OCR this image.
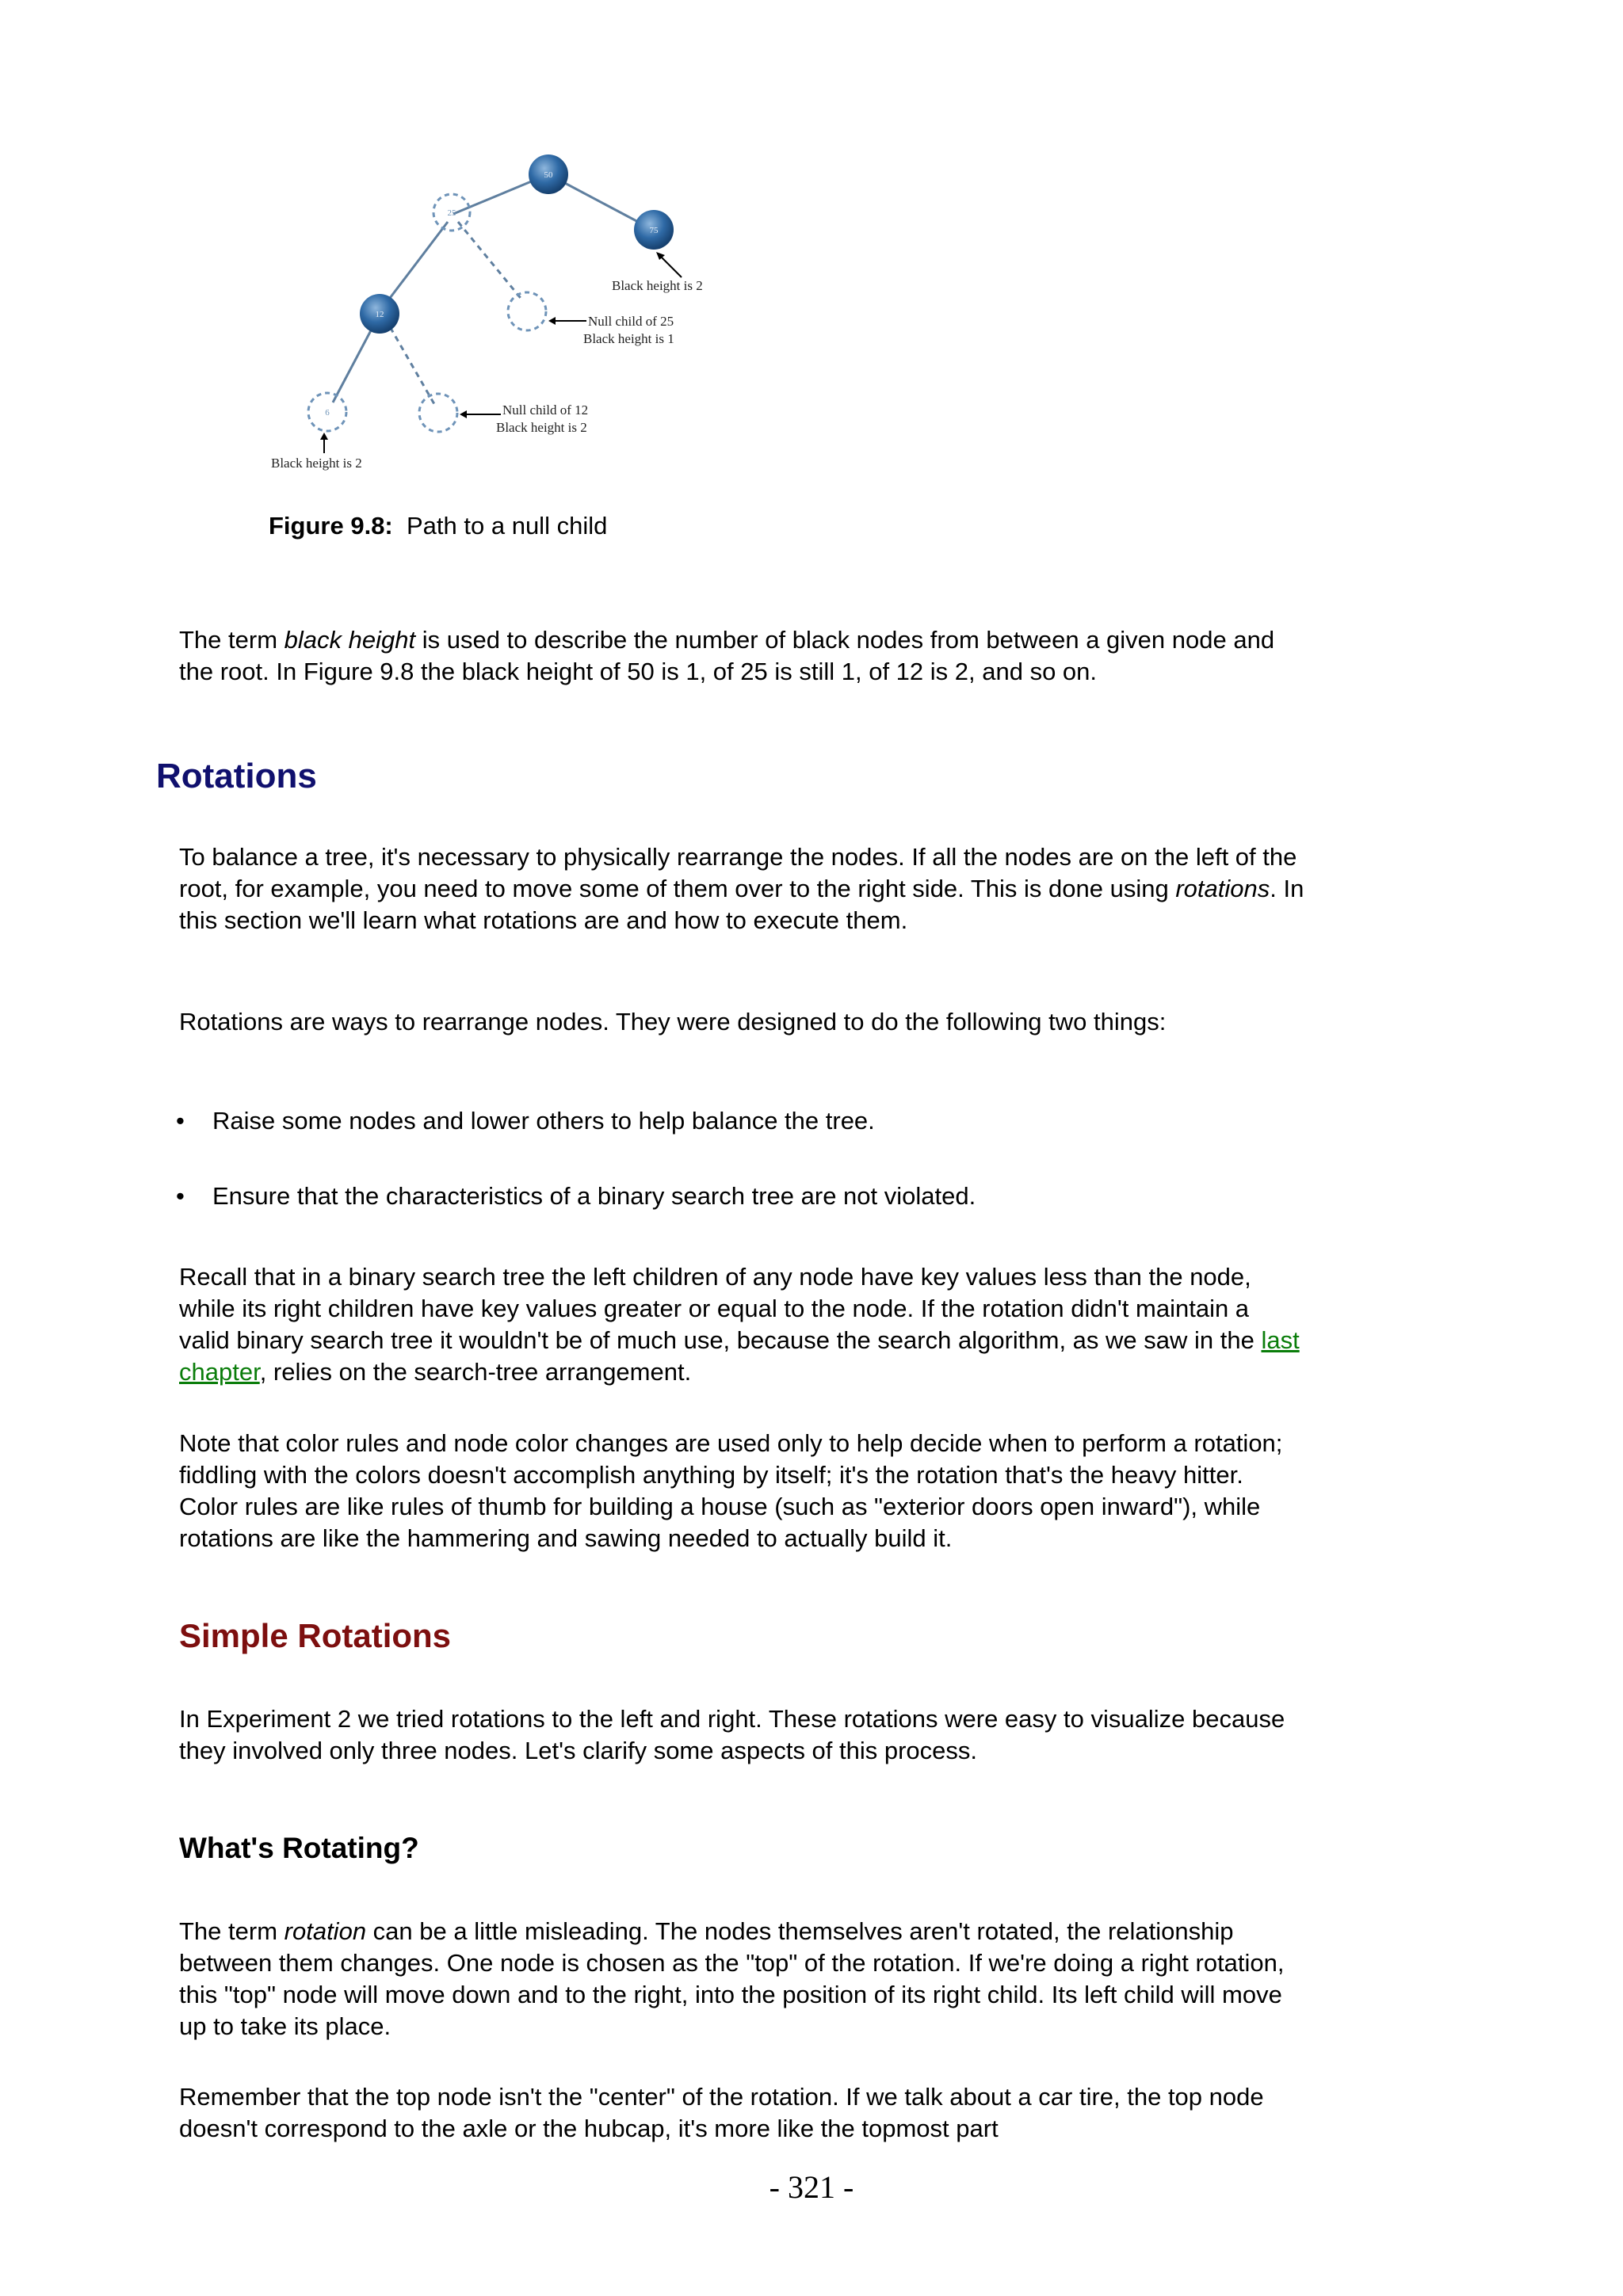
50
25
75
12
6
Black height is 2
Null child of 25
Black height is 1
Null child of 12
Black height is 2
Black height is 2
Figure 9.8: Path to a null child

The term black height is used to describe the number of black nodes from between a given node and the root. In Figure 9.8 the black height of 50 is 1, of 25 is still 1, of 12 is 2, and so on.

Rotations

To balance a tree, it's necessary to physically rearrange the nodes. If all the nodes are on the left of the root, for example, you need to move some of them over to the right side. This is done using rotations. In this section we'll learn what rotations are and how to execute them.

Rotations are ways to rearrange nodes. They were designed to do the following two things:

• Raise some nodes and lower others to help balance the tree.
• Ensure that the characteristics of a binary search tree are not violated.

Recall that in a binary search tree the left children of any node have key values less than the node, while its right children have key values greater or equal to the node. If the rotation didn't maintain a valid binary search tree it wouldn't be of much use, because the search algorithm, as we saw in the last chapter, relies on the search-tree arrangement.

Note that color rules and node color changes are used only to help decide when to perform a rotation; fiddling with the colors doesn't accomplish anything by itself; it's the rotation that's the heavy hitter. Color rules are like rules of thumb for building a house (such as "exterior doors open inward"), while rotations are like the hammering and sawing needed to actually build it.

Simple Rotations

In Experiment 2 we tried rotations to the left and right. These rotations were easy to visualize because they involved only three nodes. Let's clarify some aspects of this process.

What's Rotating?

The term rotation can be a little misleading. The nodes themselves aren't rotated, the relationship between them changes. One node is chosen as the "top" of the rotation. If we're doing a right rotation, this "top" node will move down and to the right, into the position of its right child. Its left child will move up to take its place.

Remember that the top node isn't the "center" of the rotation. If we talk about a car tire, the top node doesn't correspond to the axle or the hubcap, it's more like the topmost part

- 321 -
